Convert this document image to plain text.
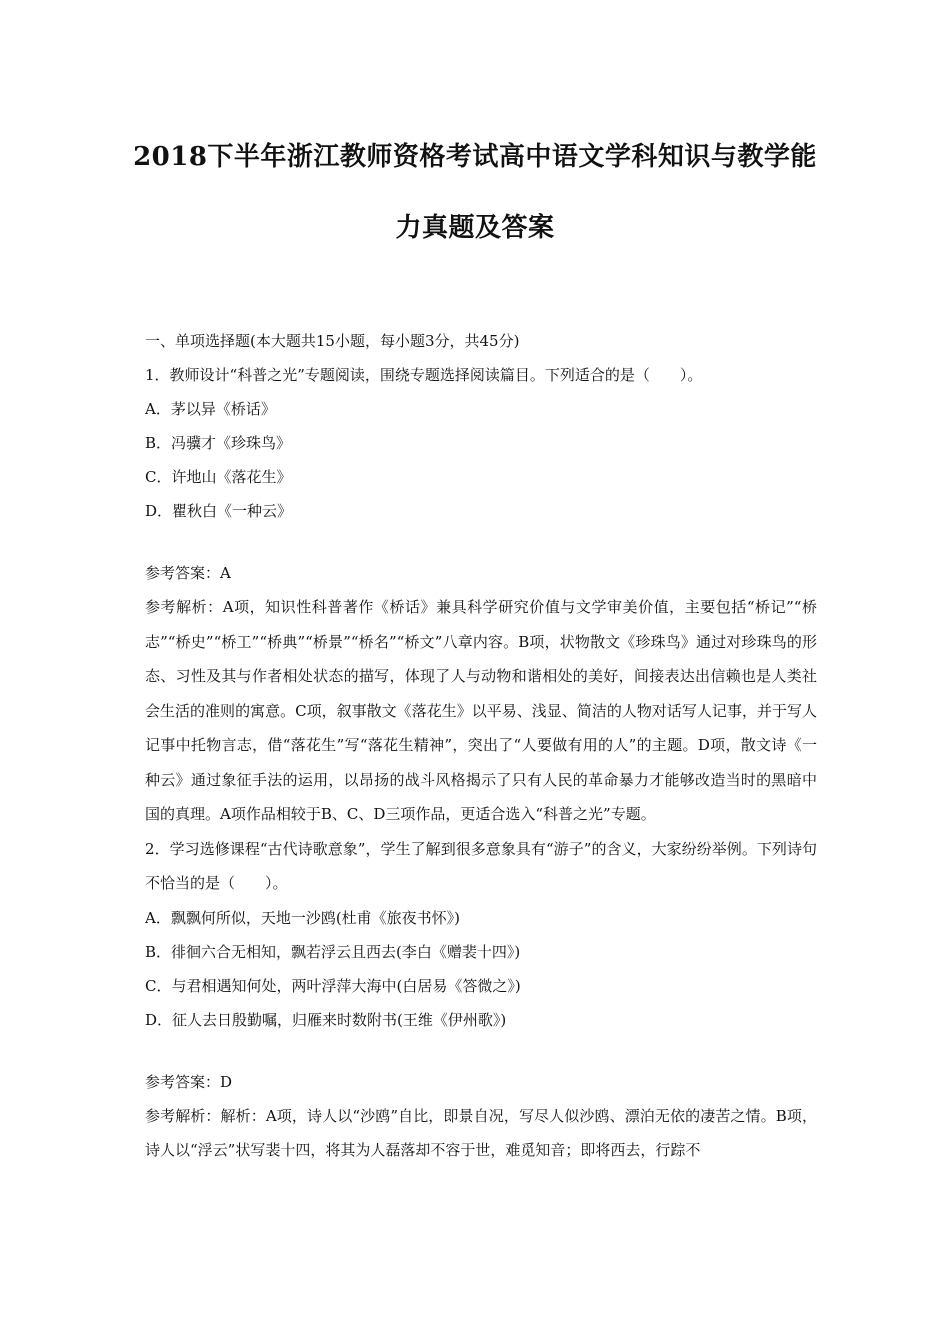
2018下半年浙江教师资格考试高中语文学科知识与教学能
力真题及答案
一、单项选择题(本大题共15小题，每小题3分，共45分)
1．教师设计“科普之光”专题阅读，围绕专题选择阅读篇目。下列适合的是（　　）。
A．茅以异《桥话》
B．冯骥才《珍珠鸟》
C．许地山《落花生》
D．瞿秋白《一种云》
参考答案：A

参考解析：A项，知识性科普著作《桥话》兼具科学研究价值与文学审美价值，主要包括“桥记”“桥志”“桥史”“桥工”“桥典”“桥景”“桥名”“桥文”八章内容。B项，状物散文《珍珠鸟》通过对珍珠鸟的形态、习性及其与作者相处状态的描写，体现了人与动物和谐相处的美好，间接表达出信赖也是人类社会生活的准则的寓意。C项，叙事散文《落花生》以平易、浅显、简洁的人物对话写人记事，并于写人记事中托物言志，借“落花生”写“落花生精神”，突出了“人要做有用的人”的主题。D项，散文诗《一种云》通过象征手法的运用，以昂扬的战斗风格揭示了只有人民的革命暴力才能够改造当时的黑暗中国的真理。A项作品相较于B、C、D三项作品，更适合选入“科普之光”专题。

2．学习选修课程“古代诗歌意象”，学生了解到很多意象具有“游子”的含义，大家纷纷举例。下列诗句不恰当的是（　　）。

A．飘飘何所似，天地一沙鸥(杜甫《旅夜书怀》)
B．徘徊六合无相知，飘若浮云且西去(李白《赠裴十四》)
C．与君相遇知何处，两叶浮萍大海中(白居易《答微之》)
D．征人去日殷勤嘱，归雁来时数附书(王维《伊州歌》)
参考答案：D

参考解析：解析：A项，诗人以“沙鸥”自比，即景自况，写尽人似沙鸥、漂泊无依的凄苦之情。B项，诗人以“浮云”状写裴十四，将其为人磊落却不容于世，难觅知音；即将西去，行踪不
